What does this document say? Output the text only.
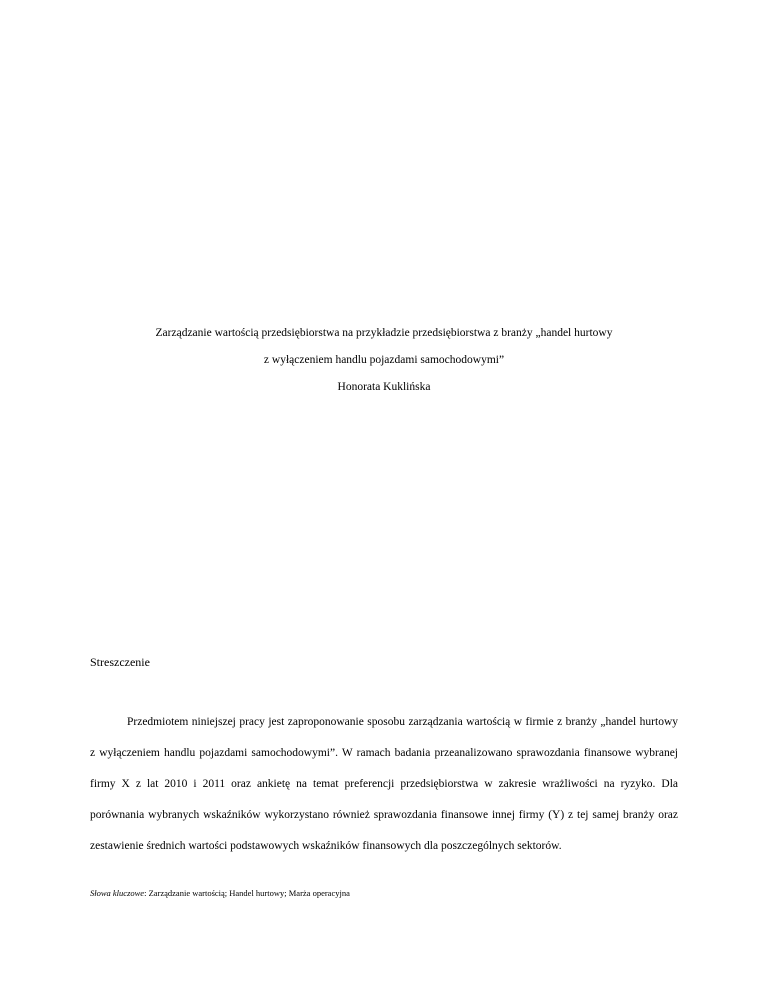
Zarządzanie wartością przedsiębiorstwa na przykładzie przedsiębiorstwa z branży „handel hurtowy
z wyłączeniem handlu pojazdami samochodowymi”
Honorata Kuklińska
Streszczenie

Przedmiotem niniejszej pracy jest zaproponowanie sposobu zarządzania wartością w firmie z branży „handel hurtowy z wyłączeniem handlu pojazdami samochodowymi”. W ramach badania przeanalizowano sprawozdania finansowe wybranej firmy X z lat 2010 i 2011 oraz ankietę na temat preferencji przedsiębiorstwa w zakresie wrażliwości na ryzyko. Dla porównania wybranych wskaźników wykorzystano również sprawozdania finansowe innej firmy (Y) z tej samej branży oraz zestawienie średnich wartości podstawowych wskaźników finansowych dla poszczególnych sektorów.

Słowa kluczowe: Zarządzanie wartością; Handel hurtowy; Marża operacyjna
